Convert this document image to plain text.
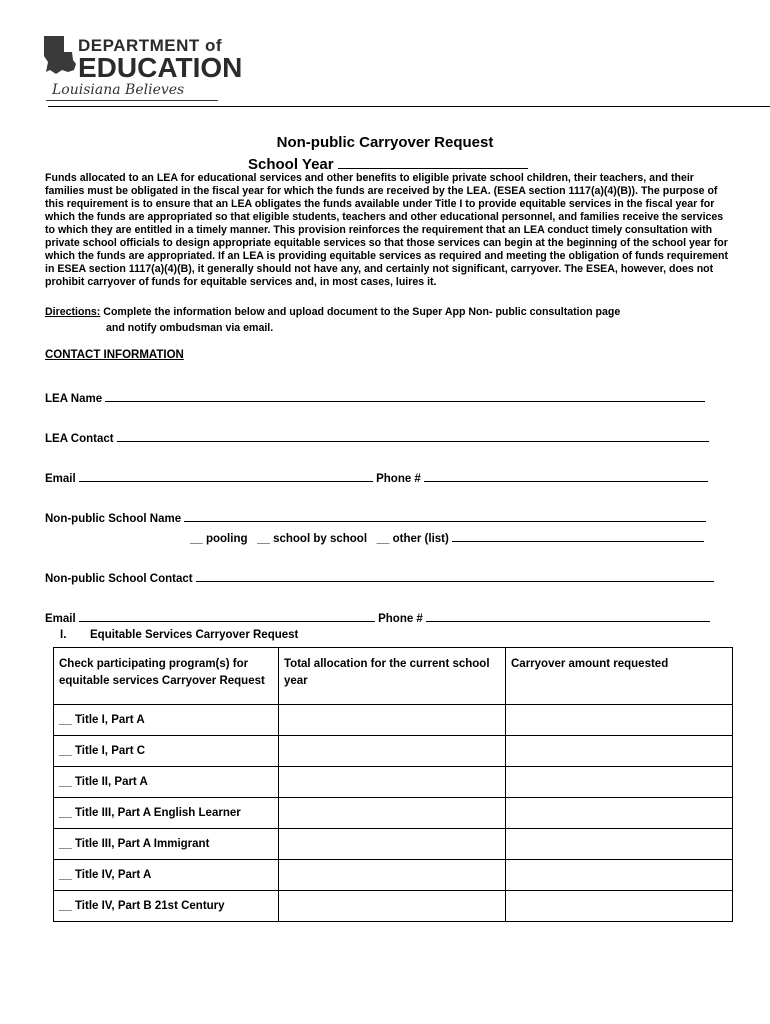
DEPARTMENT of
EDUCATION
Louisiana Believes
Non-public Carryover Request
School Year
Funds allocated to an LEA for educational services and other benefits to eligible private school children, their teachers, and their families must be obligated in the fiscal year for which the funds are received by the LEA. (ESEA section 1117(a)(4)(B)). The purpose of this requirement is to ensure that an LEA obligates the funds available under Title I to provide equitable services in the fiscal year for which the funds are appropriated so that eligible students, teachers and other educational personnel, and families receive the services to which they are entitled in a timely manner. This provision reinforces the requirement that an LEA conduct timely consultation with private school officials to design appropriate equitable services so that those services can begin at the beginning of the school year for which the funds are appropriated. If an LEA is providing equitable services as required and meeting the obligation of funds requirement in ESEA section 1117(a)(4)(B), it generally should not have any, and certainly not significant, carryover. The ESEA, however, does not prohibit carryover of funds for equitable services and, in most cases, luires it.
Directions: Complete the information below and upload document to the Super App Non- public consultation page
and notify ombudsman via email.
CONTACT INFORMATION
LEA Name
LEA Contact
Email	Phone #
Non-public School Name
__ pooling __ school by school __ other (list)
Non-public School Contact
Email	Phone #
I. Equitable Services Carryover Request
Check participating program(s) for equitable services Carryover Request	Total allocation for the current school year	Carryover amount requested
__ Title I, Part A		
__ Title I, Part C		
__ Title II, Part A		
__ Title III, Part A English Learner		
__ Title III, Part A Immigrant		
__ Title IV, Part A		
__ Title IV, Part B 21st Century		
